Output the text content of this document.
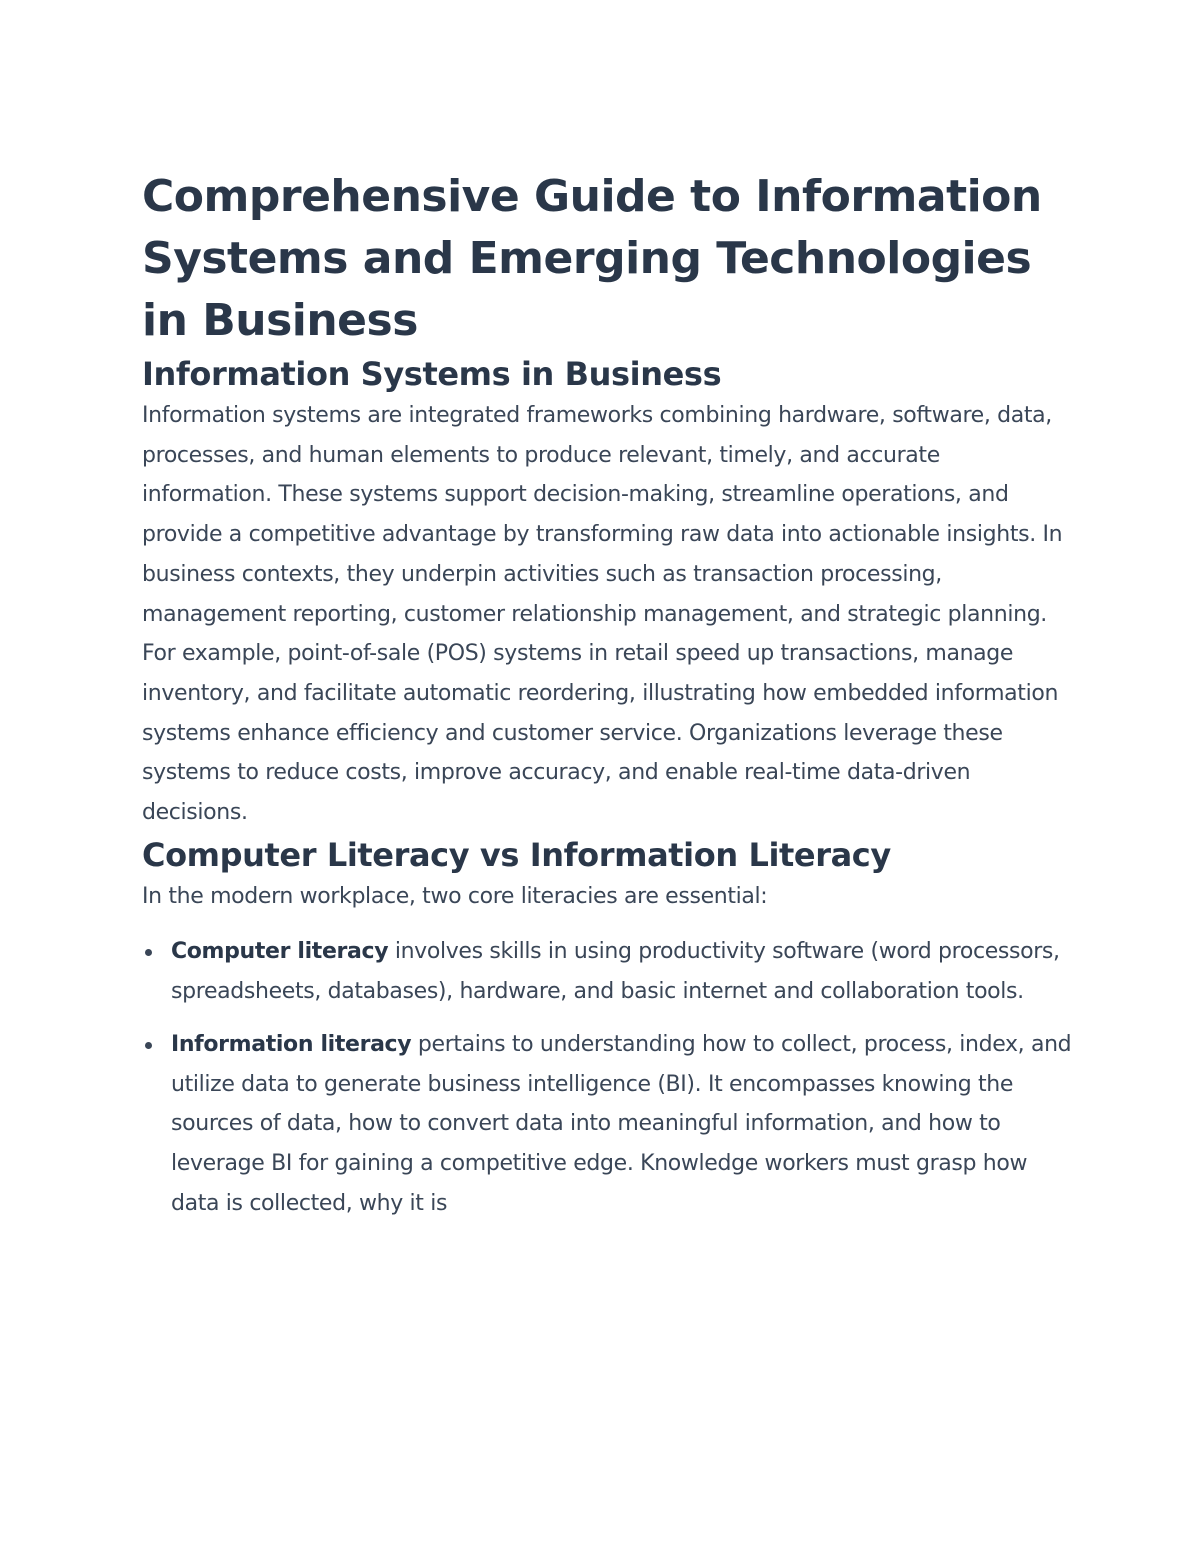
Comprehensive Guide to Information Systems and Emerging Technologies in Business
Information Systems in Business

Information systems are integrated frameworks combining hardware, software, data, processes, and human elements to produce relevant, timely, and accurate information. These systems support decision-making, streamline operations, and provide a competitive advantage by transforming raw data into actionable insights. In business contexts, they underpin activities such as transaction processing, management reporting, customer relationship management, and strategic planning. For example, point-of-sale (POS) systems in retail speed up transactions, manage inventory, and facilitate automatic reordering, illustrating how embedded information systems enhance efficiency and customer service. Organizations leverage these systems to reduce costs, improve accuracy, and enable real-time data-driven decisions.

Computer Literacy vs Information Literacy

In the modern workplace, two core literacies are essential:

Computer literacy involves skills in using productivity software (word processors, spreadsheets, databases), hardware, and basic internet and collaboration tools.
Information literacy pertains to understanding how to collect, process, index, and utilize data to generate business intelligence (BI). It encompasses knowing the sources of data, how to convert data into meaningful information, and how to leverage BI for gaining a competitive edge. Knowledge workers must grasp how data is collected, why it is
